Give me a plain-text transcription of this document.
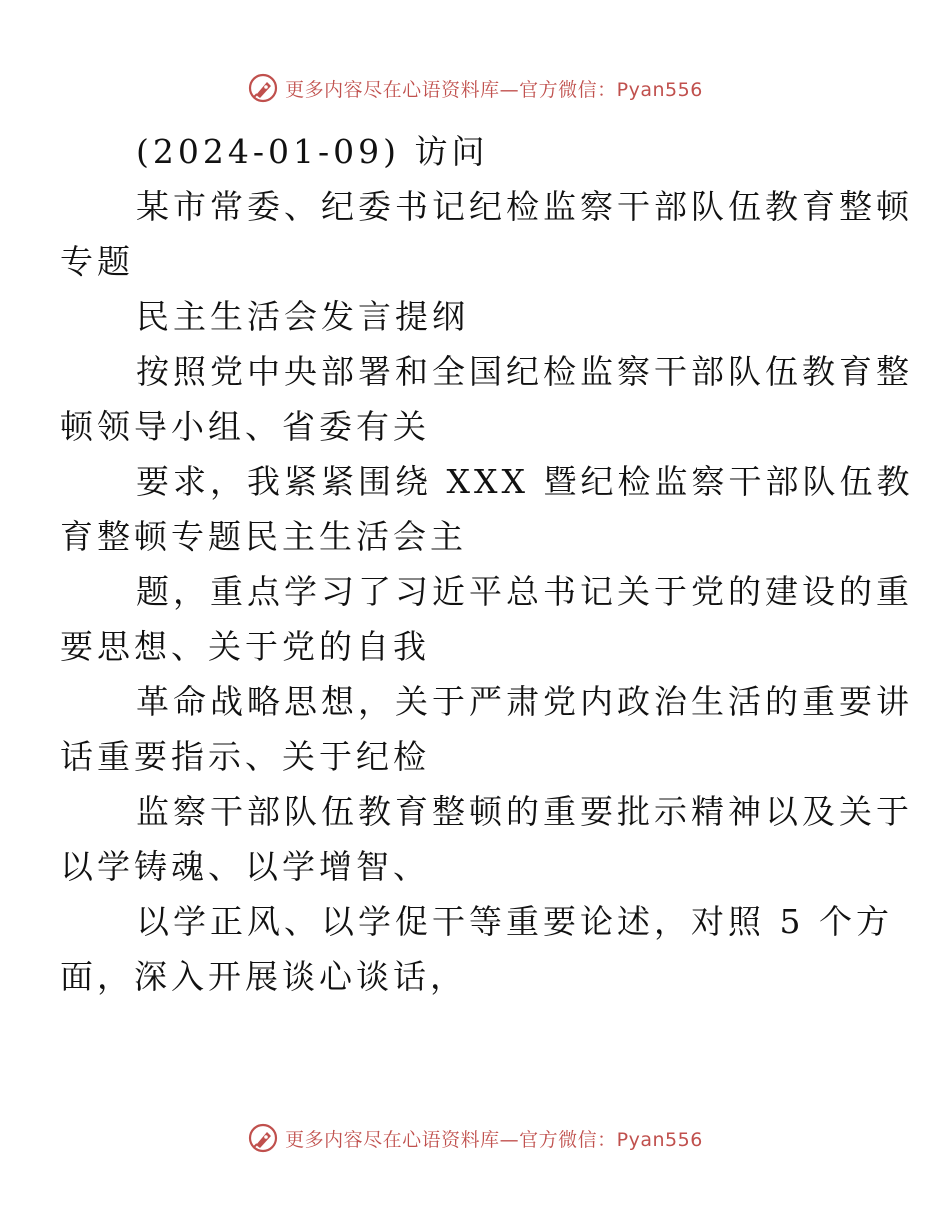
更多内容尽在心语资料库—官方微信：Pyan556

(2024-01-09) 访问

某市常委、纪委书记纪检监察干部队伍教育整顿
专题

民主生活会发言提纲

按照党中央部署和全国纪检监察干部队伍教育整
顿领导小组、省委有关

要求，我紧紧围绕 XXX 暨纪检监察干部队伍教
育整顿专题民主生活会主

题，重点学习了习近平总书记关于党的建设的重
要思想、关于党的自我

革命战略思想，关于严肃党内政治生活的重要讲
话重要指示、关于纪检

监察干部队伍教育整顿的重要批示精神以及关于
以学铸魂、以学增智、

以学正风、以学促干等重要论述，对照 5 个方
面，深入开展谈心谈话，

更多内容尽在心语资料库—官方微信：Pyan556
